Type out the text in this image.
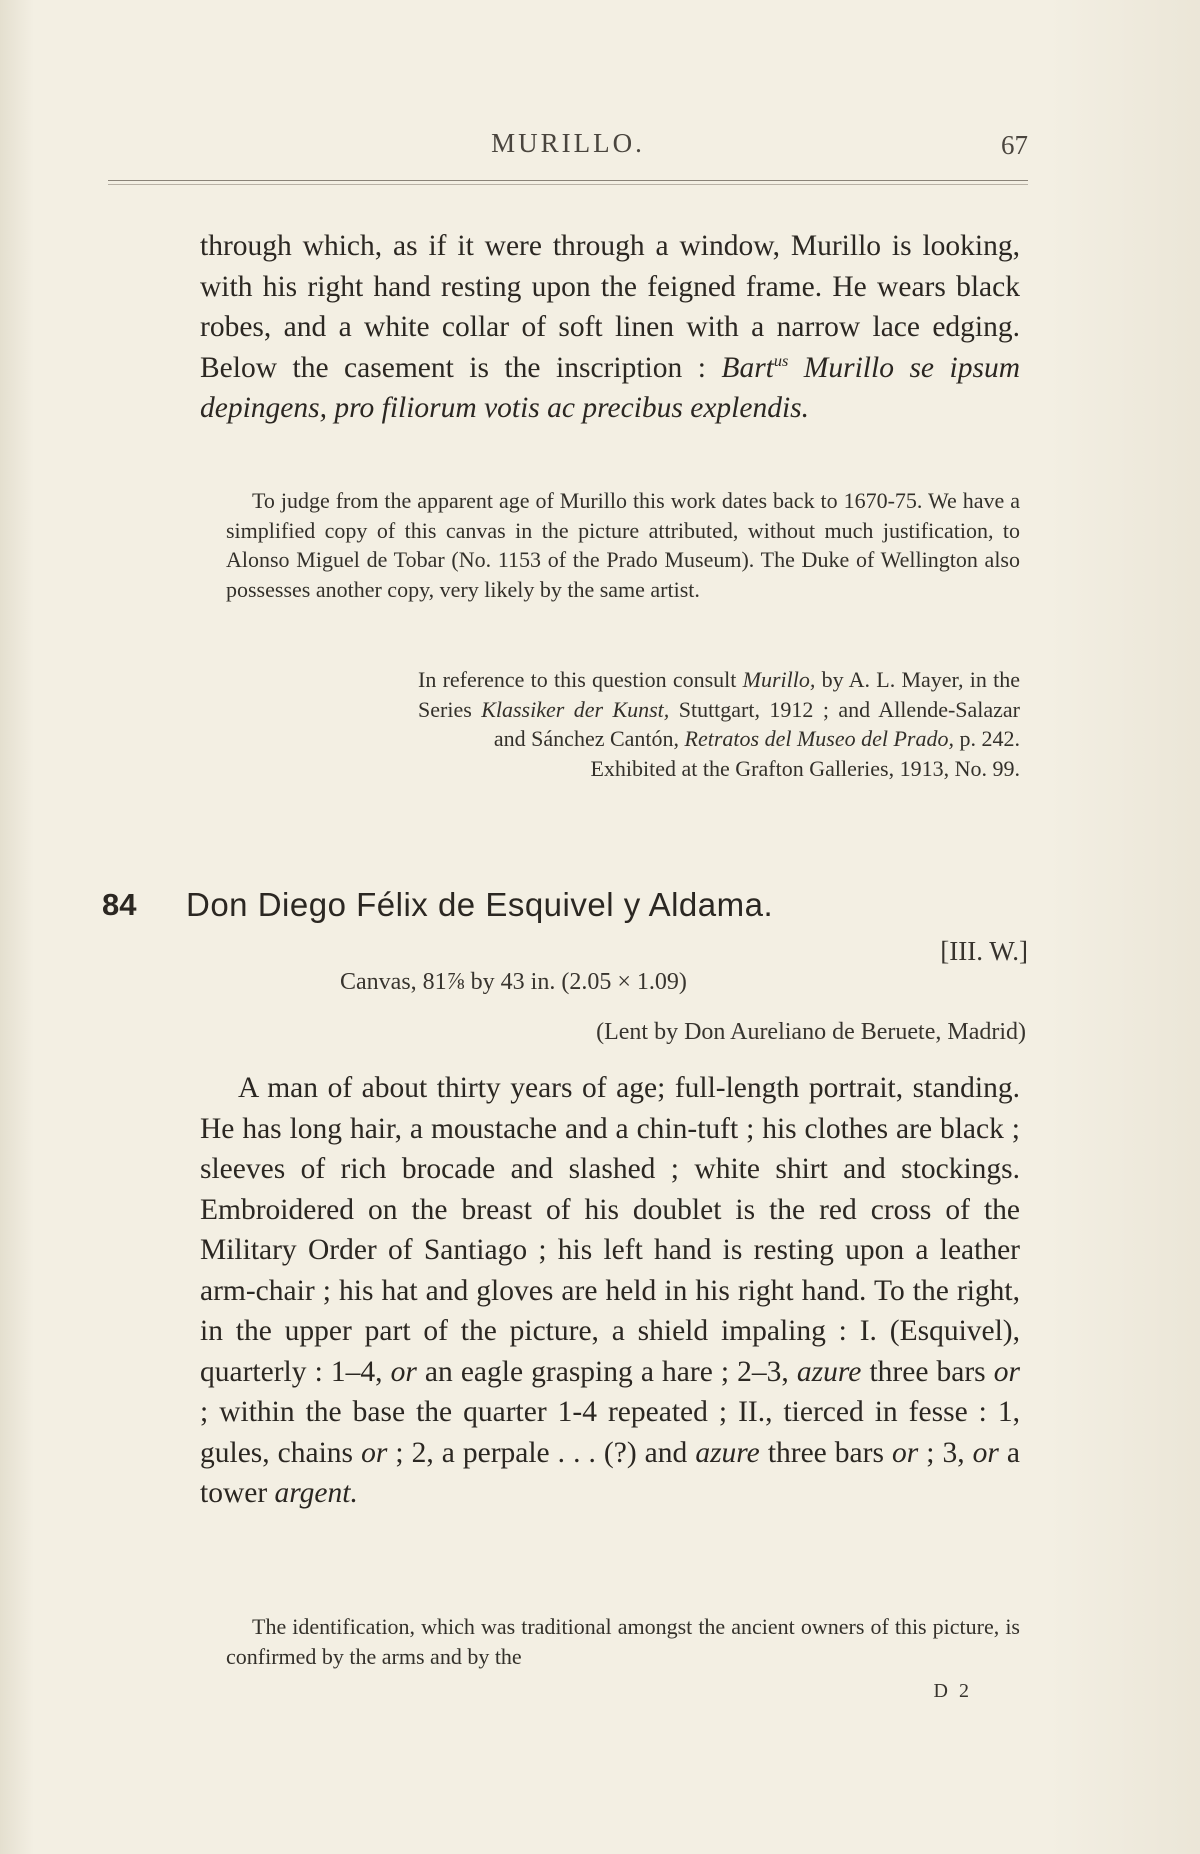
MURILLO.	67

through which, as if it were through a window, Murillo is looking, with his right hand resting upon the feigned frame. He wears black robes, and a white collar of soft linen with a narrow lace edging. Below the casement is the inscription : Bart$^{us}$ Murillo se ipsum depingens, pro filiorum votis ac precibus explendis.

To judge from the apparent age of Murillo this work dates back to 1670-75. We have a simplified copy of this canvas in the picture attributed, without much justification, to Alonso Miguel de Tobar (No. 1153 of the Prado Museum). The Duke of Wellington also possesses another copy, very likely by the same artist.

In reference to this question consult Murillo, by A. L. Mayer, in the Series Klassiker der Kunst, Stuttgart, 1912 ; and Allende-Salazar and Sánchez Cantón, Retratos del Museo del Prado, p. 242.

Exhibited at the Grafton Galleries, 1913, No. 99.

84 Don Diego Félix de Esquivel y Aldama.
[III. W.]
Canvas, 81⅞ by 43 in. (2.05 × 1.09)
(Lent by Don Aureliano de Beruete, Madrid)

A man of about thirty years of age; full-length portrait, standing. He has long hair, a moustache and a chin-tuft ; his clothes are black ; sleeves of rich brocade and slashed ; white shirt and stockings. Embroidered on the breast of his doublet is the red cross of the Military Order of Santiago ; his left hand is resting upon a leather arm-chair ; his hat and gloves are held in his right hand. To the right, in the upper part of the picture, a shield impaling : I. (Esquivel), quarterly : 1–4, or an eagle grasping a hare ; 2–3, azure three bars or ; within the base the quarter 1-4 repeated ; II., tierced in fesse : 1, gules, chains or ; 2, a perpale . . . (?) and azure three bars or ; 3, or a tower argent.

The identification, which was traditional amongst the ancient owners of this picture, is confirmed by the arms and by the

D 2
